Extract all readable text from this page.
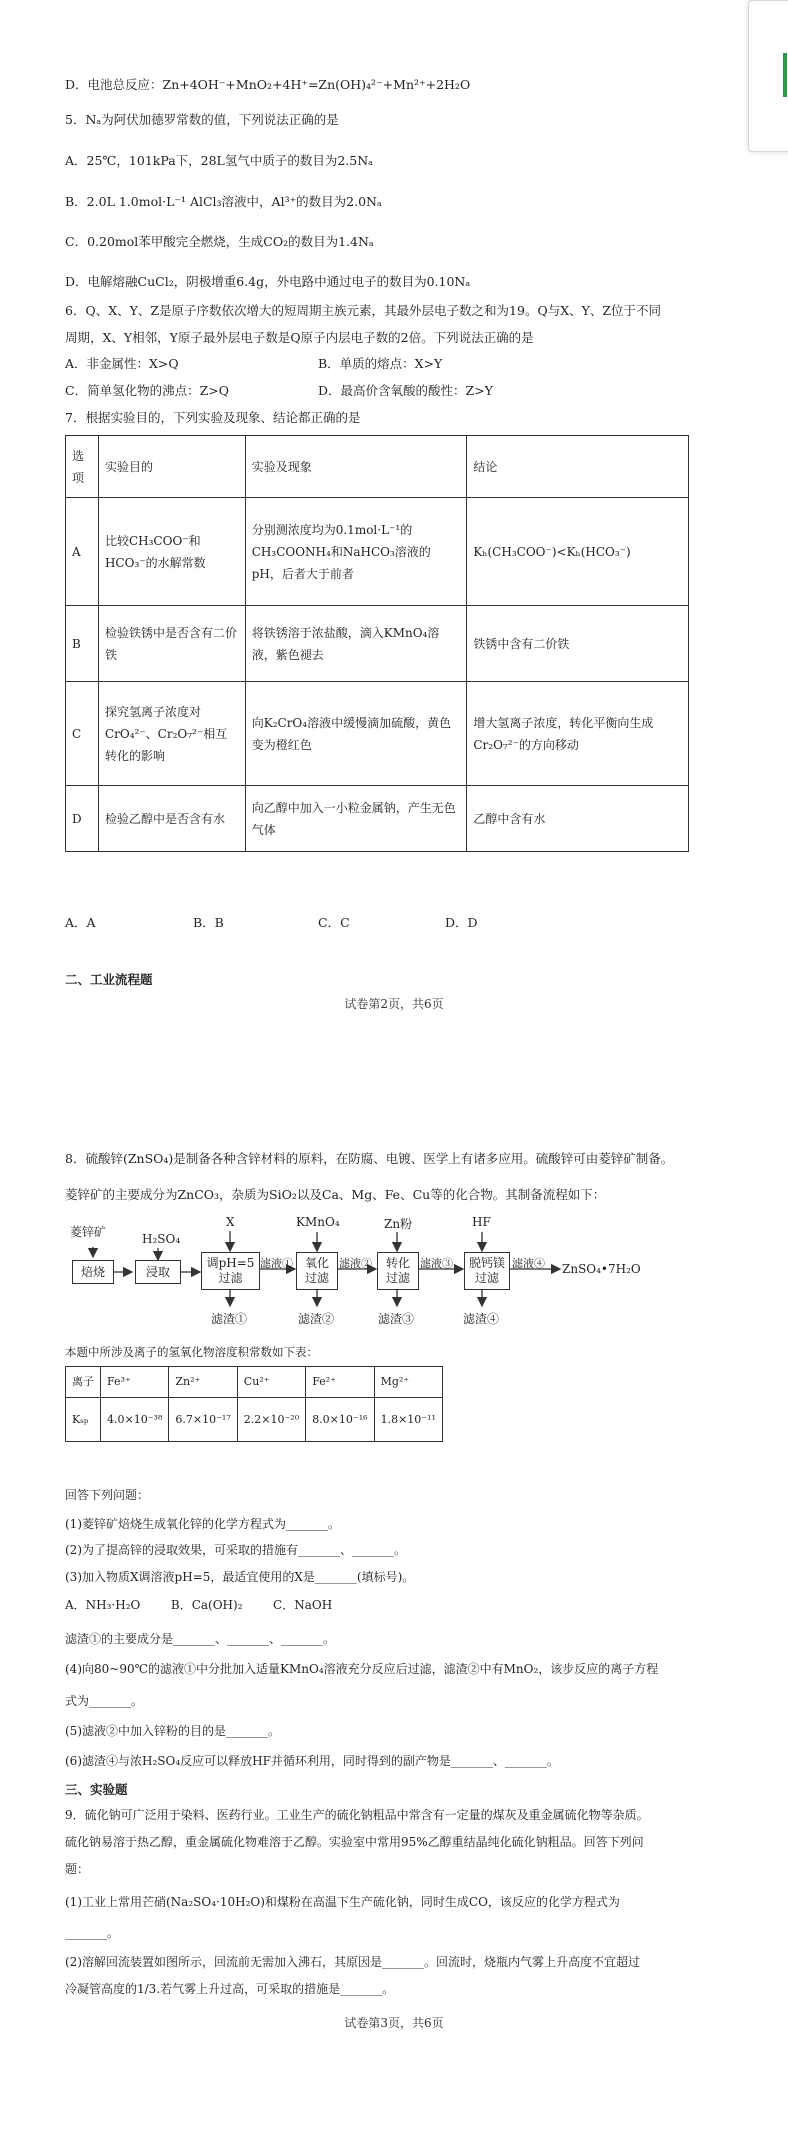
D．电池总反应：Zn+4OH⁻+MnO₂+4H⁺=Zn(OH)₄²⁻+Mn²⁺+2H₂O
5．Nₐ为阿伏加德罗常数的值，下列说法正确的是
A．25℃，101kPa下，28L氢气中质子的数目为2.5Nₐ
B．2.0L 1.0mol·L⁻¹ AlCl₃溶液中，Al³⁺的数目为2.0Nₐ
C．0.20mol苯甲酸完全燃烧，生成CO₂的数目为1.4Nₐ
D．电解熔融CuCl₂，阴极增重6.4g，外电路中通过电子的数目为0.10Nₐ
6．Q、X、Y、Z是原子序数依次增大的短周期主族元素，其最外层电子数之和为19。Q与X、Y、Z位于不同
周期，X、Y相邻，Y原子最外层电子数是Q原子内层电子数的2倍。下列说法正确的是
A．非金属性：X>Q	B．单质的熔点：X>Y
C．简单氢化物的沸点：Z>Q	D．最高价含氧酸的酸性：Z>Y
7．根据实验目的，下列实验及现象、结论都正确的是
选项	实验目的	实验及现象	结论
A	比较CH₃COO⁻和HCO₃⁻的水解常数	分别测浓度均为0.1mol·L⁻¹的CH₃COONH₄和NaHCO₃溶液的pH，后者大于前者	Kₕ(CH₃COO⁻)<Kₕ(HCO₃⁻)
B	检验铁锈中是否含有二价铁	将铁锈溶于浓盐酸，滴入KMnO₄溶液，紫色褪去	铁锈中含有二价铁
C	探究氢离子浓度对CrO₄²⁻、Cr₂O₇²⁻相互转化的影响	向K₂CrO₄溶液中缓慢滴加硫酸，黄色变为橙红色	增大氢离子浓度，转化平衡向生成Cr₂O₇²⁻的方向移动
D	检验乙醇中是否含有水	向乙醇中加入一小粒金属钠，产生无色气体	乙醇中含有水
A．A	B．B	C．C	D．D
二、工业流程题
试卷第2页，共6页
8．硫酸锌(ZnSO₄)是制备各种含锌材料的原料，在防腐、电镀、医学上有诸多应用。硫酸锌可由菱锌矿制备。
菱锌矿的主要成分为ZnCO₃，杂质为SiO₂以及Ca、Mg、Fe、Cu等的化合物。其制备流程如下：
菱锌矿	H₂SO₄
X	KMnO₄	Zn粉	HF
焙烧	浸取
调pH=5
过滤
氧化
过滤
转化
过滤
脱钙镁
过滤
滤液①	滤液②	滤液③	滤液④ ZnSO₄•7H₂O
滤渣①	滤渣②	滤渣③	滤渣④
本题中所涉及离子的氢氧化物溶度积常数如下表：
离子	Fe³⁺	Zn²⁺	Cu²⁺	Fe²⁺	Mg²⁺
Kₛₚ	4.0×10⁻³⁸	6.7×10⁻¹⁷	2.2×10⁻²⁰	8.0×10⁻¹⁶	1.8×10⁻¹¹
回答下列问题：
(1)菱锌矿焙烧生成氧化锌的化学方程式为_______。
(2)为了提高锌的浸取效果，可采取的措施有_______、_______。
(3)加入物质X调溶液pH=5，最适宜使用的X是_______(填标号)。
A．NH₃·H₂O        B．Ca(OH)₂        C．NaOH
滤渣①的主要成分是_______、_______、_______。
(4)向80~90℃的滤液①中分批加入适量KMnO₄溶液充分反应后过滤，滤渣②中有MnO₂，该步反应的离子方程
式为_______。
(5)滤液②中加入锌粉的目的是_______。
(6)滤渣④与浓H₂SO₄反应可以释放HF并循环利用，同时得到的副产物是_______、_______。
三、实验题
9．硫化钠可广泛用于染料、医药行业。工业生产的硫化钠粗品中常含有一定量的煤灰及重金属硫化物等杂质。
硫化钠易溶于热乙醇，重金属硫化物难溶于乙醇。实验室中常用95%乙醇重结晶纯化硫化钠粗品。回答下列问
题：
(1)工业上常用芒硝(Na₂SO₄·10H₂O)和煤粉在高温下生产硫化钠，同时生成CO，该反应的化学方程式为
_______。
(2)溶解回流装置如图所示，回流前无需加入沸石，其原因是_______。回流时，烧瓶内气雾上升高度不宜超过
冷凝管高度的1/3.若气雾上升过高，可采取的措施是_______。
试卷第3页，共6页
